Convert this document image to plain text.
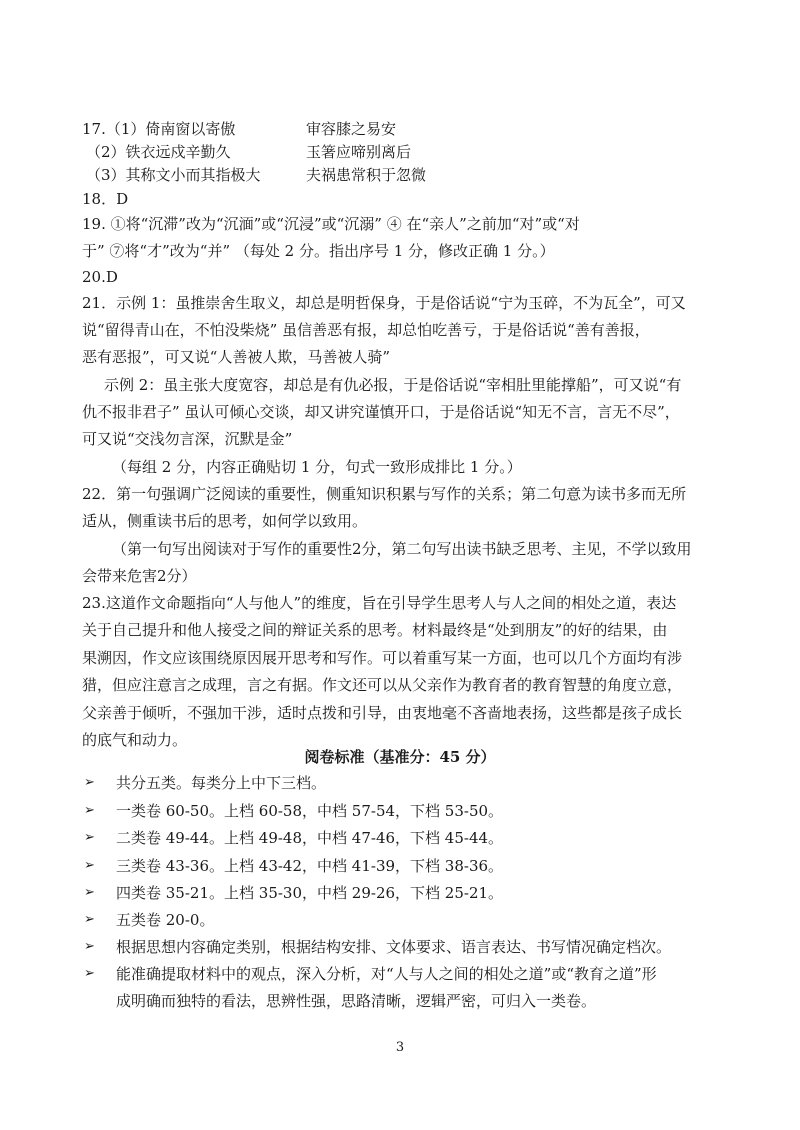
17.（1）倚南窗以寄傲	审容膝之易安
（2）铁衣远戍辛勤久	玉箸应啼别离后
（3）其称文小而其指极大	夫祸患常积于忽微
18．D
19. ①将“沉滞”改为“沉湎”或“沉浸”或“沉溺” ④ 在“亲人”之前加“对”或“对
于” ⑦将“才”改为“并” （每处 2 分。指出序号 1 分，修改正确 1 分。）
20.D
21．示例 1：虽推崇舍生取义，却总是明哲保身，于是俗话说“宁为玉碎，不为瓦全”，可又
说“留得青山在，不怕没柴烧” 虽信善恶有报，却总怕吃善亏，于是俗话说“善有善报，
恶有恶报”，可又说“人善被人欺，马善被人骑”
示例 2：虽主张大度宽容，却总是有仇必报，于是俗话说“宰相肚里能撑船”，可又说“有
仇不报非君子” 虽认可倾心交谈，却又讲究谨慎开口，于是俗话说“知无不言，言无不尽”，
可又说“交浅勿言深，沉默是金”
（每组 2 分，内容正确贴切 1 分，句式一致形成排比 1 分。）
22．第一句强调广泛阅读的重要性，侧重知识积累与写作的关系；第二句意为读书多而无所
适从，侧重读书后的思考，如何学以致用。
（第一句写出阅读对于写作的重要性2分，第二句写出读书缺乏思考、主见，不学以致用
会带来危害2分）
23.这道作文命题指向“人与他人”的维度，旨在引导学生思考人与人之间的相处之道，表达
关于自己提升和他人接受之间的辩证关系的思考。材料最终是“处到朋友”的好的结果，由
果溯因，作文应该围绕原因展开思考和写作。可以着重写某一方面，也可以几个方面均有涉
猎，但应注意言之成理，言之有据。作文还可以从父亲作为教育者的教育智慧的角度立意，
父亲善于倾听，不强加干涉，适时点拨和引导，由衷地毫不吝啬地表扬，这些都是孩子成长
的底气和动力。
阅卷标准（基准分：45 分）
➢ 共分五类。每类分上中下三档。
➢ 一类卷 60-50。上档 60-58，中档 57-54，下档 53-50。
➢ 二类卷 49-44。上档 49-48，中档 47-46，下档 45-44。
➢ 三类卷 43-36。上档 43-42，中档 41-39，下档 38-36。
➢ 四类卷 35-21。上档 35-30，中档 29-26，下档 25-21。
➢ 五类卷 20-0。
➢ 根据思想内容确定类别，根据结构安排、文体要求、语言表达、书写情况确定档次。
➢ 能准确提取材料中的观点，深入分析，对“人与人之间的相处之道”或“教育之道”形
成明确而独特的看法，思辨性强，思路清晰，逻辑严密，可归入一类卷。
3
